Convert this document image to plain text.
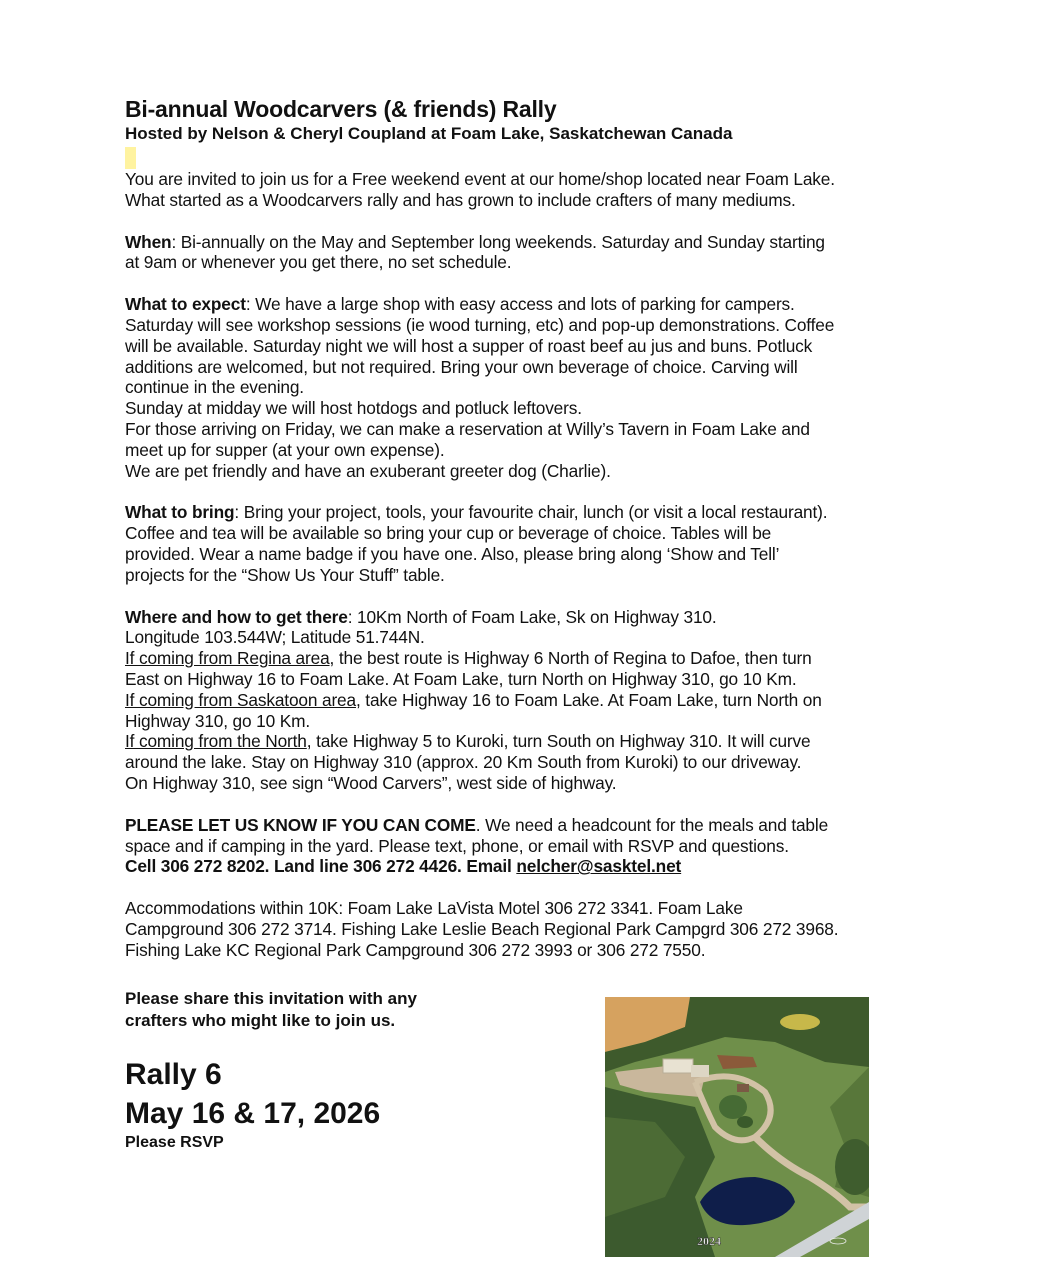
Bi-annual Woodcarvers (& friends) Rally
Hosted by Nelson & Cheryl Coupland at Foam Lake, Saskatchewan Canada

You are invited to join us for a Free weekend event at our home/shop located near Foam Lake.

What started as a Woodcarvers rally and has grown to include crafters of many mediums.

When: Bi-annually on the May and September long weekends. Saturday and Sunday starting

at 9am or whenever you get there, no set schedule.

What to expect: We have a large shop with easy access and lots of parking for campers.

Saturday will see workshop sessions (ie wood turning, etc) and pop-up demonstrations. Coffee

will be available. Saturday night we will host a supper of roast beef au jus and buns. Potluck

additions are welcomed, but not required. Bring your own beverage of choice. Carving will

continue in the evening.

Sunday at midday we will host hotdogs and potluck leftovers.

For those arriving on Friday, we can make a reservation at Willy’s Tavern in Foam Lake and

meet up for supper (at your own expense).

We are pet friendly and have an exuberant greeter dog (Charlie).

What to bring: Bring your project, tools, your favourite chair, lunch (or visit a local restaurant).

Coffee and tea will be available so bring your cup or beverage of choice. Tables will be

provided. Wear a name badge if you have one. Also, please bring along ‘Show and Tell’

projects for the “Show Us Your Stuff” table.

Where and how to get there: 10Km North of Foam Lake, Sk on Highway 310.

Longitude 103.544W; Latitude 51.744N.

If coming from Regina area, the best route is Highway 6 North of Regina to Dafoe, then turn

East on Highway 16 to Foam Lake. At Foam Lake, turn North on Highway 310, go 10 Km.

If coming from Saskatoon area, take Highway 16 to Foam Lake. At Foam Lake, turn North on

Highway 310, go 10 Km.

If coming from the North, take Highway 5 to Kuroki, turn South on Highway 310. It will curve

around the lake. Stay on Highway 310 (approx. 20 Km South from Kuroki) to our driveway.

On Highway 310, see sign “Wood Carvers”, west side of highway.

PLEASE LET US KNOW IF YOU CAN COME. We need a headcount for the meals and table

space and if camping in the yard. Please text, phone, or email with RSVP and questions.

Cell 306 272 8202. Land line 306 272 4426. Email nelcher@sasktel.net

Accommodations within 10K: Foam Lake LaVista Motel 306 272 3341. Foam Lake

Campground 306 272 3714. Fishing Lake Leslie Beach Regional Park Campgrd 306 272 3968.

Fishing Lake KC Regional Park Campground 306 272 3993 or 306 272 7550.

Please share this invitation with any
crafters who might like to join us.
Rally 6
May 16 & 17, 2026
Please RSVP
2024
